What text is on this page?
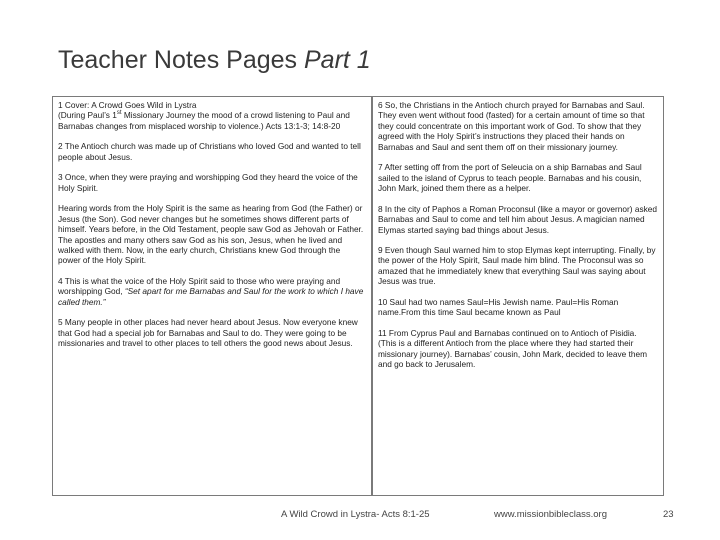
Teacher Notes Pages Part 1
1 Cover: A Crowd Goes Wild in Lystra
(During Paul’s 1st Missionary Journey the mood of a crowd listening to Paul and Barnabas changes from misplaced worship to violence.) Acts 13:1-3; 14:8-20

2 The Antioch church was made up of Christians who loved God and wanted to tell people about Jesus.

3 Once, when they were praying and worshipping God they heard the voice of the Holy Spirit.

Hearing words from the Holy Spirit is the same as hearing from God (the Father) or Jesus (the Son). God never changes but he sometimes shows different parts of himself. Years before, in the Old Testament, people saw God as Jehovah or Father. The apostles and many others saw God as his son, Jesus, when he lived and walked with them. Now, in the early church, Christians knew God through the power of the Holy Spirit.

4 This is what the voice of the Holy Spirit said to those who were praying and worshipping God, “Set apart for me Barnabas and Saul for the work to which I have called them.”

5 Many people in other places had never heard about Jesus. Now everyone knew that God had a special job for Barnabas and Saul to do. They were going to be missionaries and travel to other places to tell others the good news about Jesus.

6 So, the Christians in the Antioch church prayed for Barnabas and Saul. They even went without food (fasted) for a certain amount of time so that they could concentrate on this important work of God. To show that they agreed with the Holy Spirit’s instructions they placed their hands on Barnabas and Saul and sent them off on their missionary journey.

7 After setting off from the port of Seleucia on a ship Barnabas and Saul sailed to the island of Cyprus to teach people. Barnabas and his cousin, John Mark, joined them there as a helper.

8 In the city of Paphos a Roman Proconsul (like a mayor or governor) asked Barnabas and Saul to come and tell him about Jesus. A magician named Elymas started saying bad things about Jesus.

9 Even though Saul warned him to stop Elymas kept interrupting. Finally, by the power of the Holy Spirit, Saul made him blind. The Proconsul was so amazed that he immediately knew that everything Saul was saying about Jesus was true.

10 Saul had two names Saul=His Jewish name. Paul=His Roman name.From this time Saul became known as Paul

11 From Cyprus Paul and Barnabas continued on to Antioch of Pisidia. (This is a different Antioch from the place where they had started their missionary journey). Barnabas’ cousin, John Mark, decided to leave them and go back to Jerusalem.

A Wild Crowd in Lystra- Acts 8:1-25	www.missionbibleclass.org	23
